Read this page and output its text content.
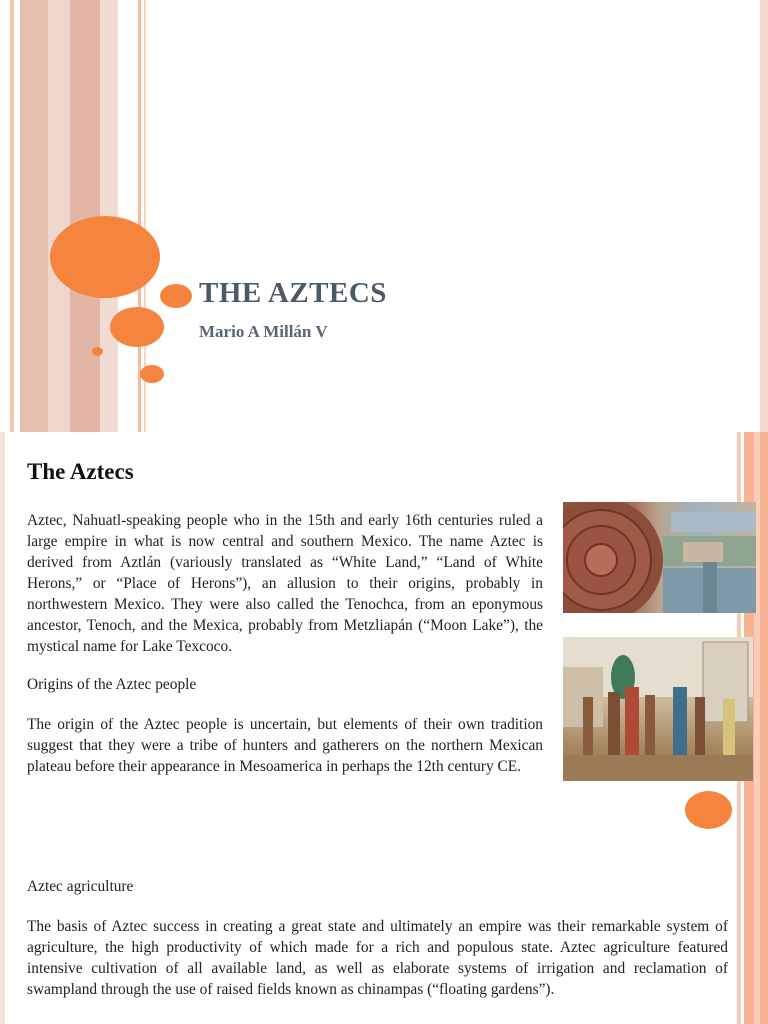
THE AZTECS
Mario A Millán V
The Aztecs

Aztec, Nahuatl-speaking people who in the 15th and early 16th centuries ruled a large empire in what is now central and southern Mexico. The name Aztec is derived from Aztlán (variously translated as “White Land,” “Land of White Herons,” or “Place of Herons”), an allusion to their origins, probably in northwestern Mexico. They were also called the Tenochca, from an eponymous ancestor, Tenoch, and the Mexica, probably from Metzliapán (“Moon Lake”), the mystical name for Lake Texcoco.

Origins of the Aztec people

The origin of the Aztec people is uncertain, but elements of their own tradition suggest that they were a tribe of hunters and gatherers on the northern Mexican plateau before their appearance in Mesoamerica in perhaps the 12th century CE.

Aztec agriculture

The basis of Aztec success in creating a great state and ultimately an empire was their remarkable system of agriculture, the high productivity of which made for a rich and populous state. Aztec agriculture featured intensive cultivation of all available land, as well as elaborate systems of irrigation and reclamation of swampland through the use of raised fields known as chinampas (“floating gardens”).
